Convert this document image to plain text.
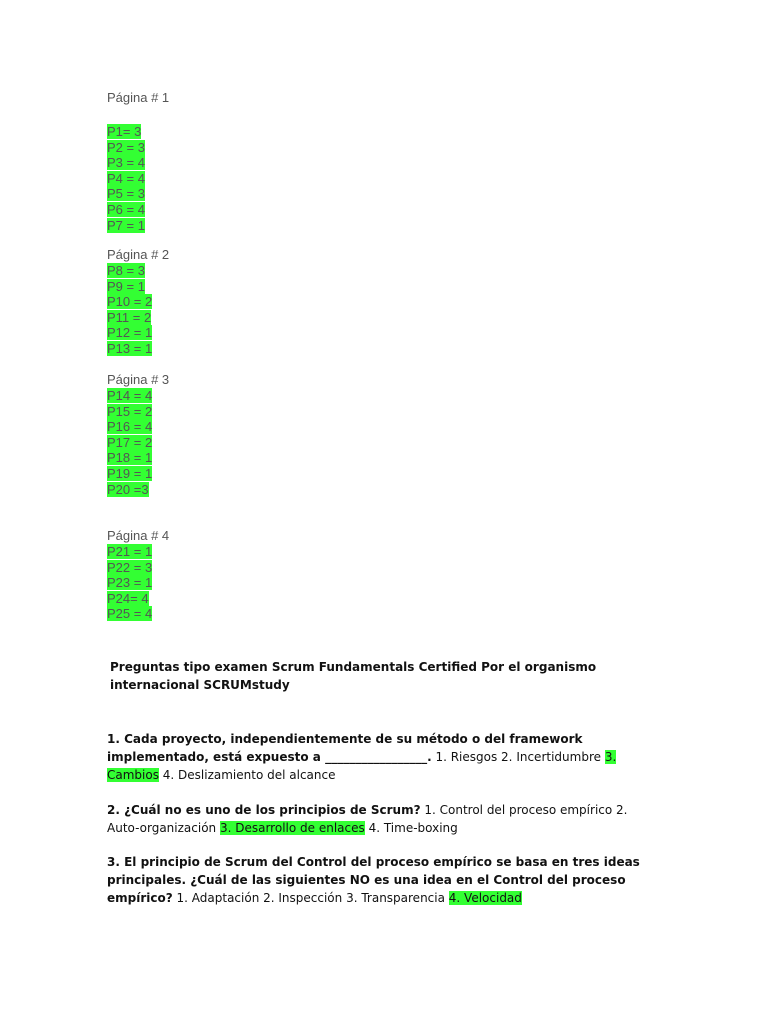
Página # 1
P1= 3
P2 = 3
P3 = 4
P4 = 4
P5 = 3
P6 = 4
P7 = 1
Página # 2
P8 = 3
P9 = 1
P10 = 2
P11 = 2
P12 = 1
P13 = 1
Página # 3
P14 = 4
P15 = 2
P16 = 4
P17 = 2
P18 = 1
P19 = 1
P20 =3
Página # 4
P21 = 1
P22 = 3
P23 = 1
P24= 4
P25 = 4
Preguntas tipo examen Scrum Fundamentals Certified Por el organismo internacional SCRUMstudy
1. Cada proyecto, independientemente de su método o del framework implementado, está expuesto a _________________. 1. Riesgos 2. Incertidumbre 3. Cambios 4. Deslizamiento del alcance
2. ¿Cuál no es uno de los principios de Scrum? 1. Control del proceso empírico 2. Auto-organización 3. Desarrollo de enlaces 4. Time-boxing
3. El principio de Scrum del Control del proceso empírico se basa en tres ideas principales. ¿Cuál de las siguientes NO es una idea en el Control del proceso empírico? 1. Adaptación 2. Inspección 3. Transparencia 4. Velocidad
